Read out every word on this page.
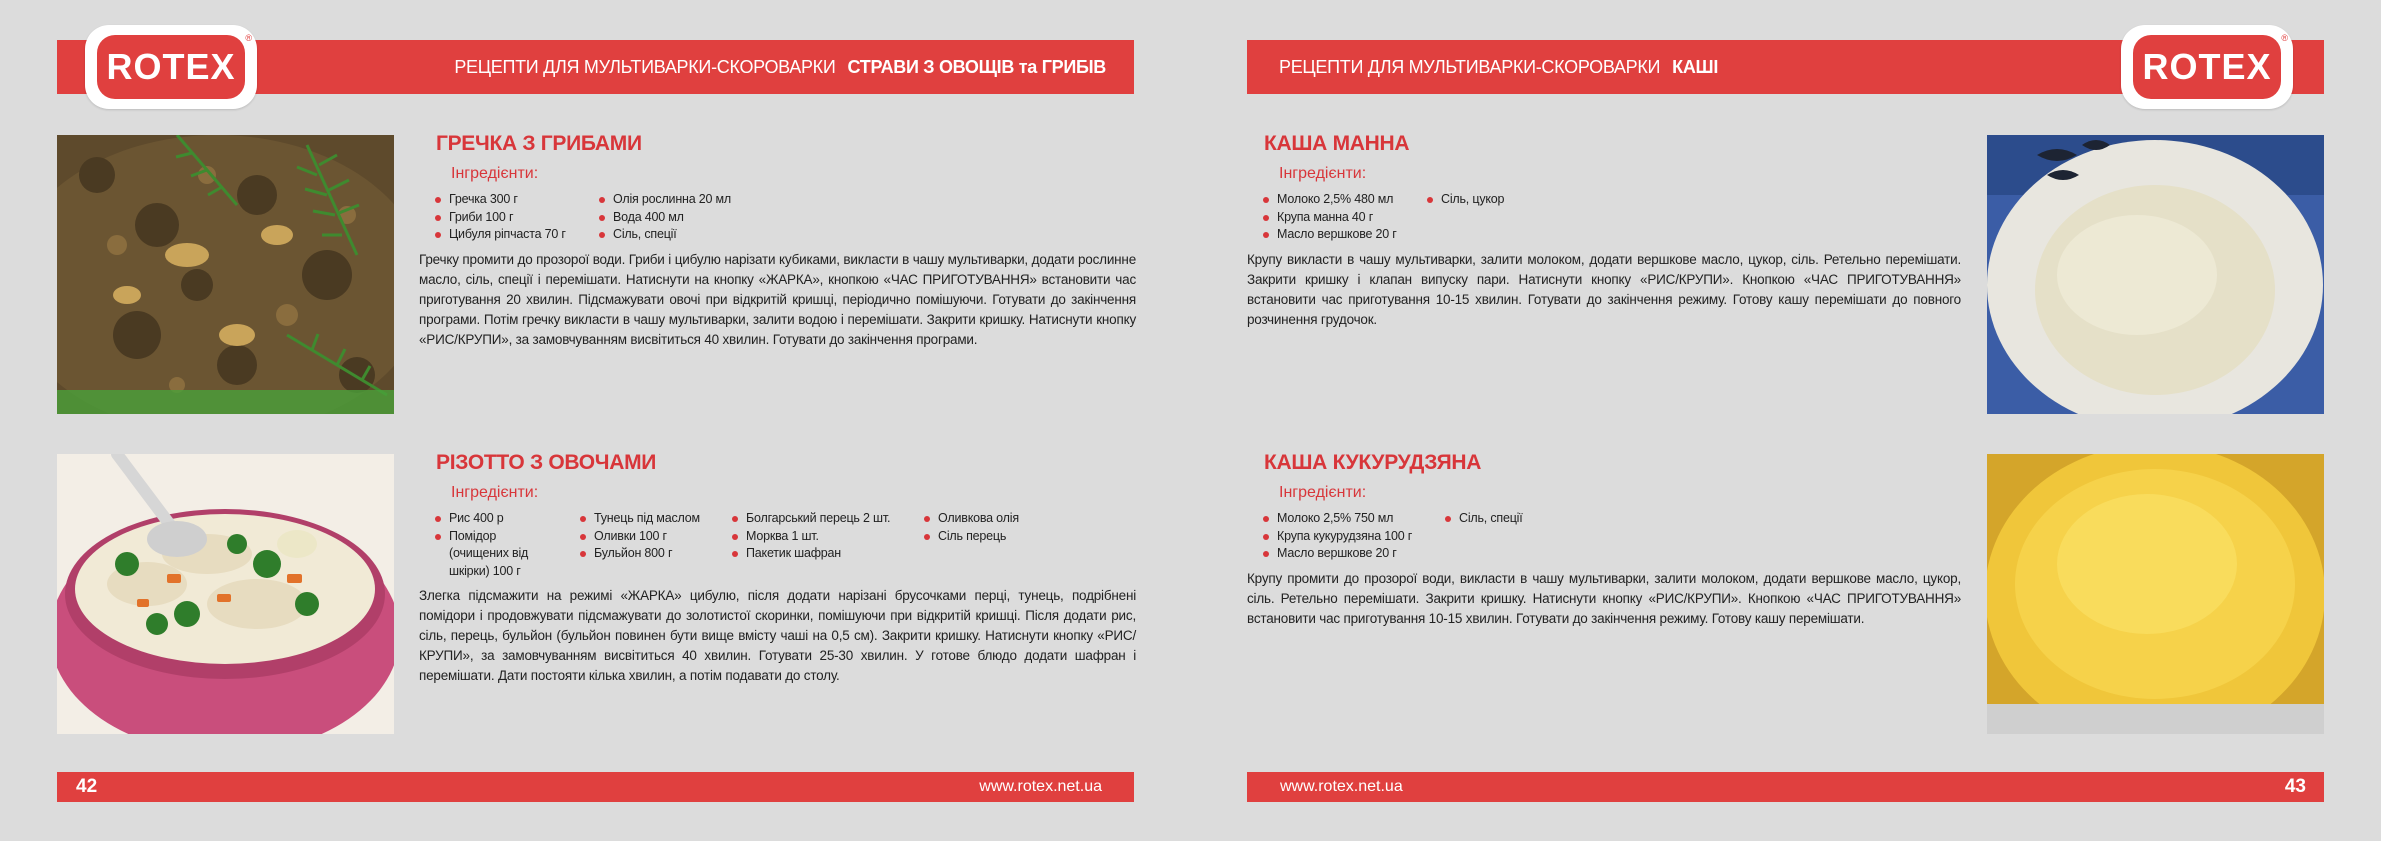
РЕЦЕПТИ ДЛЯ МУЛЬТИВАРКИ-СКОРОВАРКИ СТРАВИ З ОВОЩІВ та ГРИБІВ
ROTEX
®
ГРЕЧКА З ГРИБАМИ
Інгредієнти:
Гречка 300 г
Гриби 100 г
Цибуля ріпчаста 70 г
Олія рослинна 20 мл
Вода 400 мл
Сіль, спеції
Гречку промити до прозорої води. Гриби і цибулю нарізати кубиками, викласти в чашу мультиварки, додати рослинне масло, сіль, спеції і перемішати. Натиснути на кнопку «ЖАРКА», кнопкою «ЧАС ПРИГОТУВАННЯ» встановити час приготування 20 хвилин. Підсмажувати овочі при відкритій кришці, періодично помішуючи. Готувати до закінчення програми. Потім гречку викласти в чашу мультиварки, залити водою і перемішати. Закрити кришку. Натиснути кнопку «РИС/КРУПИ», за замовчуванням висвітиться 40 хвилин. Готувати до закінчення програми.
РІЗОТТО З ОВОЧАМИ
Інгредієнти:
Рис 400 р
Помідор (очищених від шкірки) 100 г
Тунець під маслом
Оливки 100 г
Бульйон 800 г
Болгарський перець 2 шт.
Морква 1 шт.
Пакетик шафран
Оливкова олія
Сіль перець
Злегка підсмажити на режимі «ЖАРКА» цибулю, після додати нарізані брусочками перці, тунець, подрібнені помідори і продовжувати підсмажувати до золотистої скоринки, помішуючи при відкритій кришці. Після додати рис, сіль, перець, бульйон (бульйон повинен бути вище вмісту чаші на 0,5 см). Закрити кришку. Натиснути кнопку «РИС/КРУПИ», за замовчуванням висвітиться 40 хвилин. Готувати 25-30 хвилин. У готове блюдо додати шафран і перемішати. Дати постояти кілька хвилин, а потім подавати до столу.
42	www.rotex.net.ua
РЕЦЕПТИ ДЛЯ МУЛЬТИВАРКИ-СКОРОВАРКИ КАШІ	ROTEX
®
КАША МАННА
Інгредієнти:
Молоко 2,5% 480 мл
Крупа манна 40 г
Масло вершкове 20 г
Сіль, цукор
Крупу викласти в чашу мультиварки, залити молоком, додати вершкове масло, цукор, сіль. Ретельно перемішати. Закрити кришку і клапан випуску пари. Натиснути кнопку «РИС/КРУПИ». Кнопкою «ЧАС ПРИГОТУВАННЯ» встановити час приготування 10-15 хвилин. Готувати до закінчення режиму. Готову кашу перемішати до повного розчинення грудочок.
КАША КУКУРУДЗЯНА
Інгредієнти:
Молоко 2,5% 750 мл
Крупа кукурудзяна 100 г
Масло вершкове 20 г
Сіль, спеції
Крупу промити до прозорої води, викласти в чашу мультиварки, залити молоком, додати вершкове масло, цукор, сіль. Ретельно перемішати. Закрити кришку. Натиснути кнопку «РИС/КРУПИ». Кнопкою «ЧАС ПРИГОТУВАННЯ» встановити час приготування 10-15 хвилин. Готувати до закінчення режиму. Готову кашу перемішати.
www.rotex.net.ua	43
